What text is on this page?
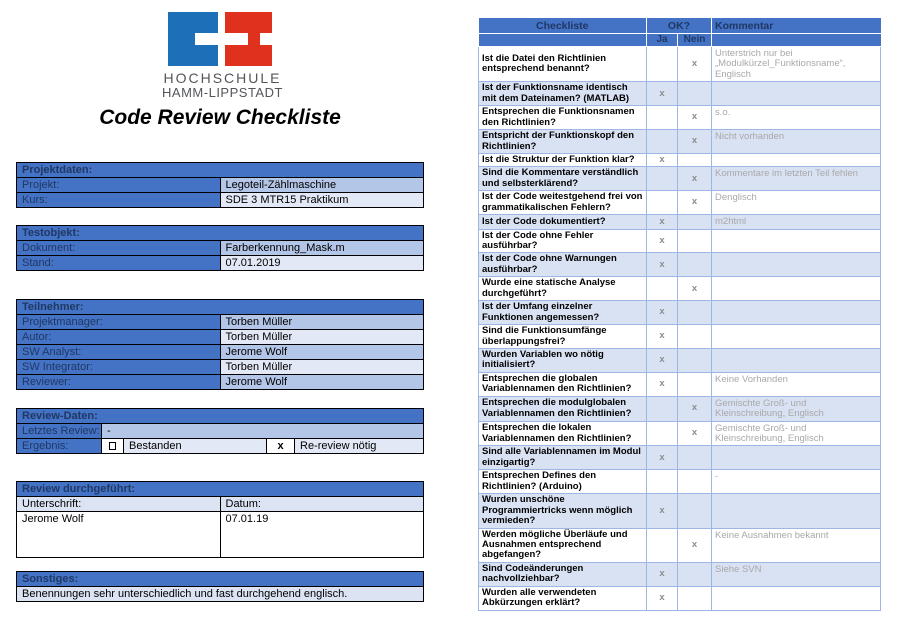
HOCHSCHULE
HAMM-LIPPSTADT
Code Review Checkliste
Projektdaten:	
Projekt:	Legoteil-Zählmaschine
Kurs:	SDE 3 MTR15 Praktikum
Testobjekt:	
Dokument:	Farberkennung_Mask.m
Stand:	07.01.2019
Teilnehmer:	
Projektmanager:	Torben Müller
Autor:	Torben Müller
SW Analyst:	Jerome Wolf
SW Integrator:	Torben Müller
Reviewer:	Jerome Wolf
Review-Daten:				
Letztes Review:	-			
Ergebnis:		Bestanden	x	Re-review nötig
Review durchgeführt:	
Unterschrift:	Datum:
Jerome Wolf	07.01.19
Sonstiges:
Benennungen sehr unterschiedlich und fast durchgehend englisch.
Checkliste	OK?		Kommentar
	Ja	Nein	
Ist die Datei den Richtlinien entsprechend benannt?		x	Unterstrich nur bei „Modulkürzel_Funktionsname“, Englisch
Ist der Funktionsname identisch mit dem Dateinamen? (MATLAB)	x		
Entsprechen die Funktionsnamen den Richtlinien?		x	s.o.
Entspricht der Funktionskopf den Richtlinien?		x	Nicht vorhanden
Ist die Struktur der Funktion klar?	x		
Sind die Kommentare verständlich und selbsterklärend?		x	Kommentare im letzten Teil fehlen
Ist der Code weitestgehend frei von grammatikalischen Fehlern?		x	Denglisch
Ist der Code dokumentiert?	x		m2html
Ist der Code ohne Fehler ausführbar?	x		
Ist der Code ohne Warnungen ausführbar?	x		
Wurde eine statische Analyse durchgeführt?		x	
Ist der Umfang einzelner Funktionen angemessen?	x		
Sind die Funktionsumfänge überlappungsfrei?	x		
Wurden Variablen wo nötig initialisiert?	x		
Entsprechen die globalen Variablennamen den Richtlinien?	x		Keine Vorhanden
Entsprechen die modulglobalen Variablennamen den Richtlinien?		x	Gemischte Groß- und Kleinschreibung, Englisch
Entsprechen die lokalen Variablennamen den Richtlinien?		x	Gemischte Groß- und Kleinschreibung, Englisch
Sind alle Variablennamen im Modul einzigartig?	x		
Entsprechen Defines den Richtlinien? (Arduino)			-
Wurden unschöne Programmiertricks wenn möglich vermieden?	x		
Werden mögliche Überläufe und Ausnahmen entsprechend abgefangen?		x	Keine Ausnahmen bekannt
Sind Codeänderungen nachvollziehbar?	x		Siehe SVN
Wurden alle verwendeten Abkürzungen erklärt?	x		
